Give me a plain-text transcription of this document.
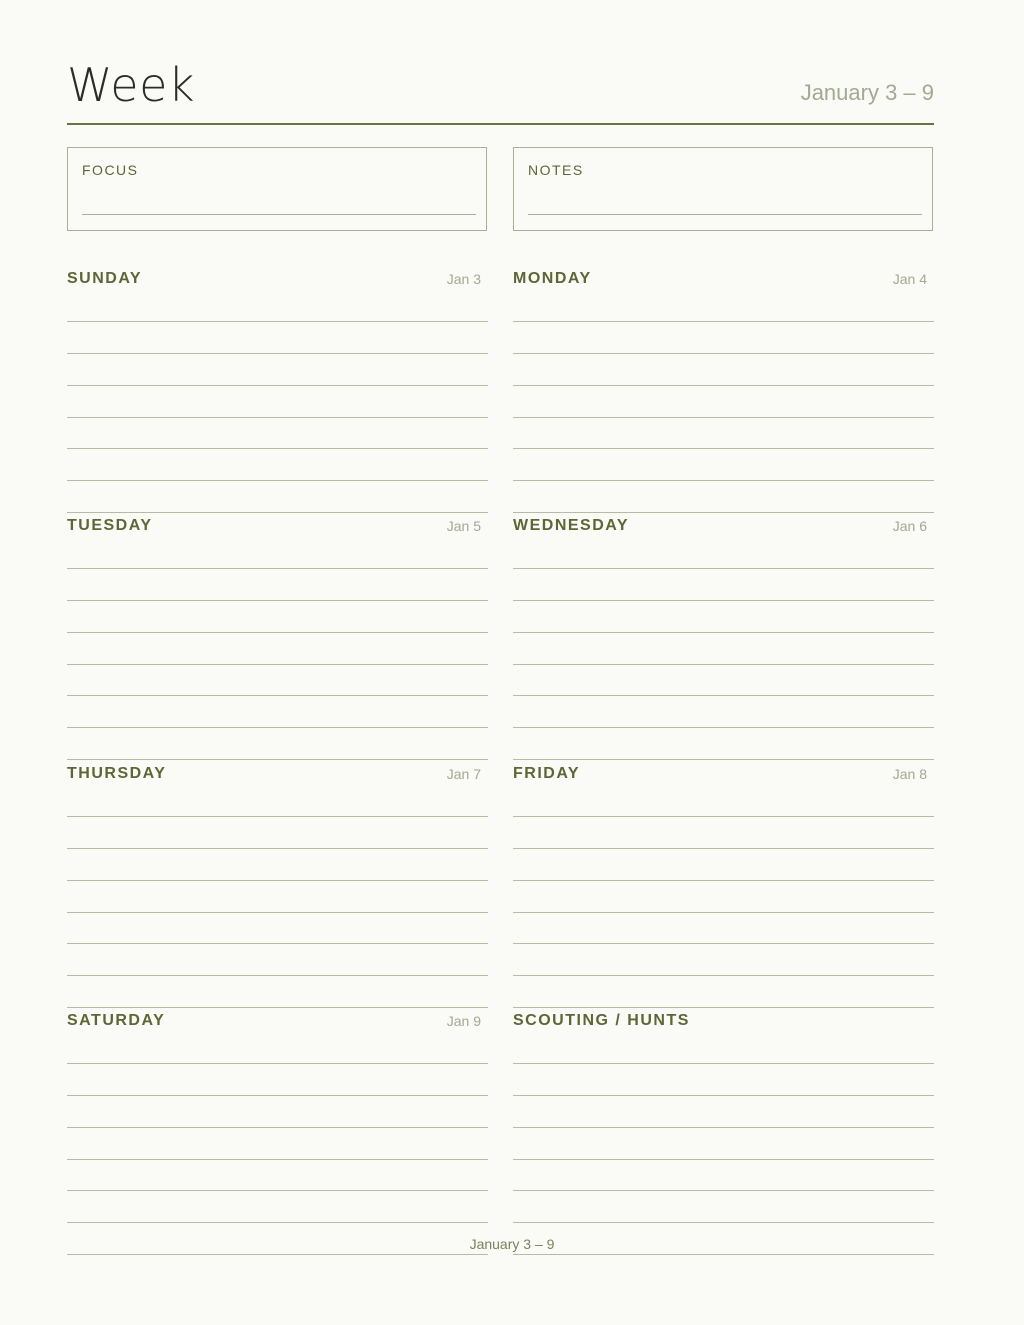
Week	January 3 – 9
FOCUS	NOTES
SUNDAY	Jan 3 MONDAY	Jan 4
TUESDAY	Jan 5 WEDNESDAY	Jan 6
THURSDAY	Jan 7 FRIDAY	Jan 8
SATURDAY	Jan 9 SCOUTING / HUNTS
January 3 – 9
